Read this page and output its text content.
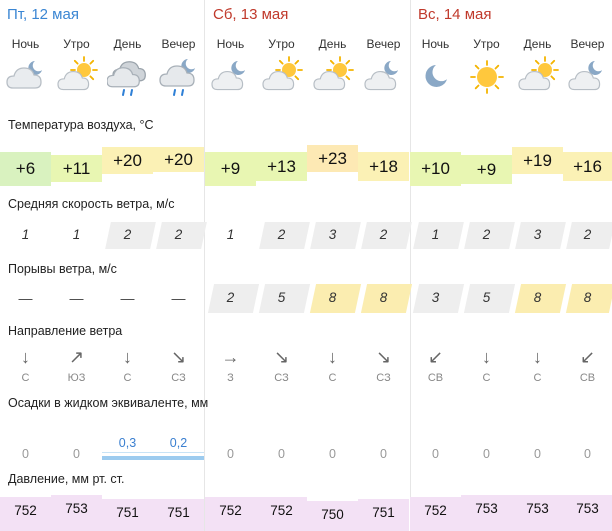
Пт, 12 мая	Сб, 13 мая	Вс, 14 мая
Ночь
+6
1
—
↓
С
0
752
Утро
+11
1
—
↗
ЮЗ
0
753
День
+20
2
—
↓
С
0,3
751
Вечер
+20
2
—
↘
СЗ
0,2
751
Ночь
+9
1
2
→
З
0
752
Утро
+13
2
5
↘
СЗ
0
752
День
+23
3
8
↓
С
0
750
Вечер
+18
2
8
↘
СЗ
0
751
Ночь
+10
1
3
↙
СВ
0
752
Утро
+9
2
5
↓
С
0
753
День
+19
3
8
↓
С
0
753
Вечер
+16
2
8
↙
СВ
0
753
Температура воздуха, °C
Средняя скорость ветра, м/с
Порывы ветра, м/с
Направление ветра
Осадки в жидком эквиваленте, мм
Давление, мм рт. ст.
